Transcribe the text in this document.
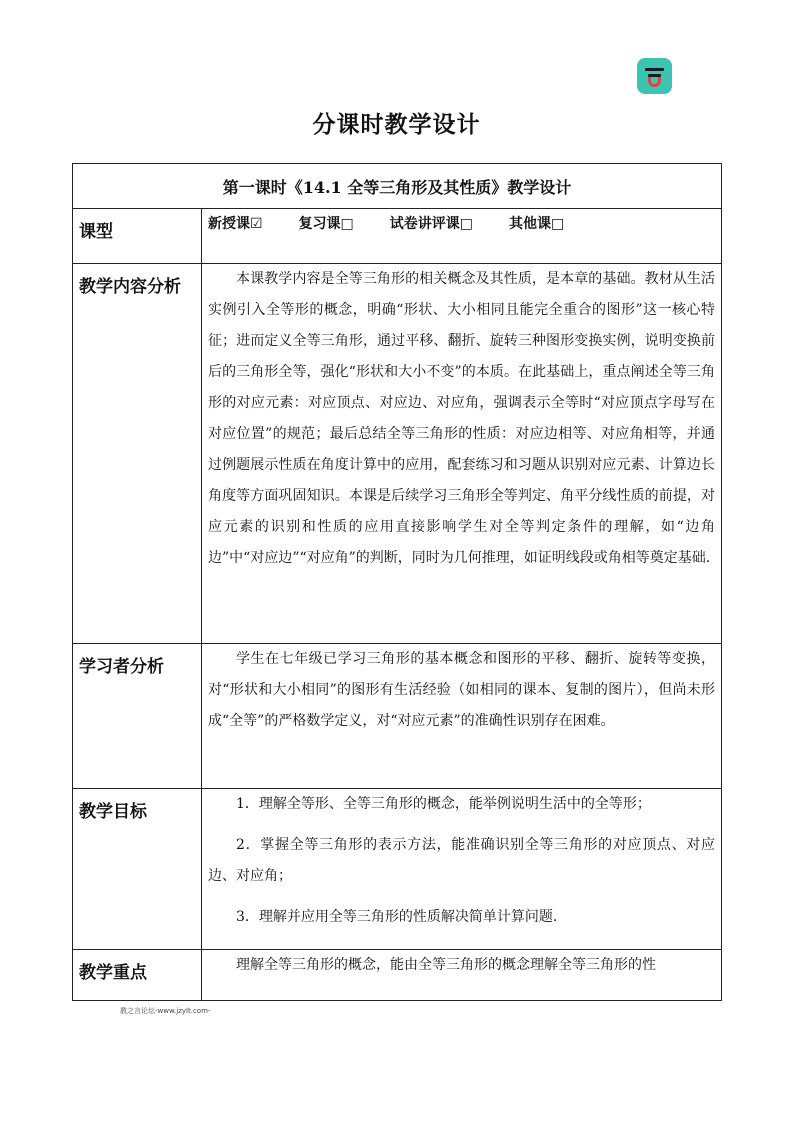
分课时教学设计
第一课时《14.1 全等三角形及其性质》教学设计	
课型	新授课☑ 复习课□ 试卷讲评课□ 其他课□

教学内容分析	本课教学内容是全等三角形的相关概念及其性质，是本章的基础。教材从生活实例引入全等形的概念，明确“形状、大小相同且能完全重合的图形”这一核心特征；进而定义全等三角形，通过平移、翻折、旋转三种图形变换实例，说明变换前后的三角形全等，强化“形状和大小不变”的本质。在此基础上，重点阐述全等三角形的对应元素：对应顶点、对应边、对应角，强调表示全等时“对应顶点字母写在对应位置”的规范；最后总结全等三角形的性质：对应边相等、对应角相等，并通过例题展示性质在角度计算中的应用，配套练习和习题从识别对应元素、计算边长角度等方面巩固知识。本课是后续学习三角形全等判定、角平分线性质的前提，对应元素的识别和性质的应用直接影响学生对全等判定条件的理解，如“边角边”中“对应边”“对应角”的判断，同时为几何推理，如证明线段或角相等奠定基础.

学习者分析	学生在七年级已学习三角形的基本概念和图形的平移、翻折、旋转等变换，对“形状和大小相同”的图形有生活经验（如相同的课本、复制的图片），但尚未形成“全等”的严格数学定义，对“对应元素”的准确性识别存在困难。

教学目标	1．理解全等形、全等三角形的概念，能举例说明生活中的全等形；

2．掌握全等三角形的表示方法，能准确识别全等三角形的对应顶点、对应边、对应角；

3．理解并应用全等三角形的性质解决简单计算问题.

教学重点	理解全等三角形的概念，能由全等三角形的概念理解全等三角形的性

教之言论坛-www.jzylt.com-
